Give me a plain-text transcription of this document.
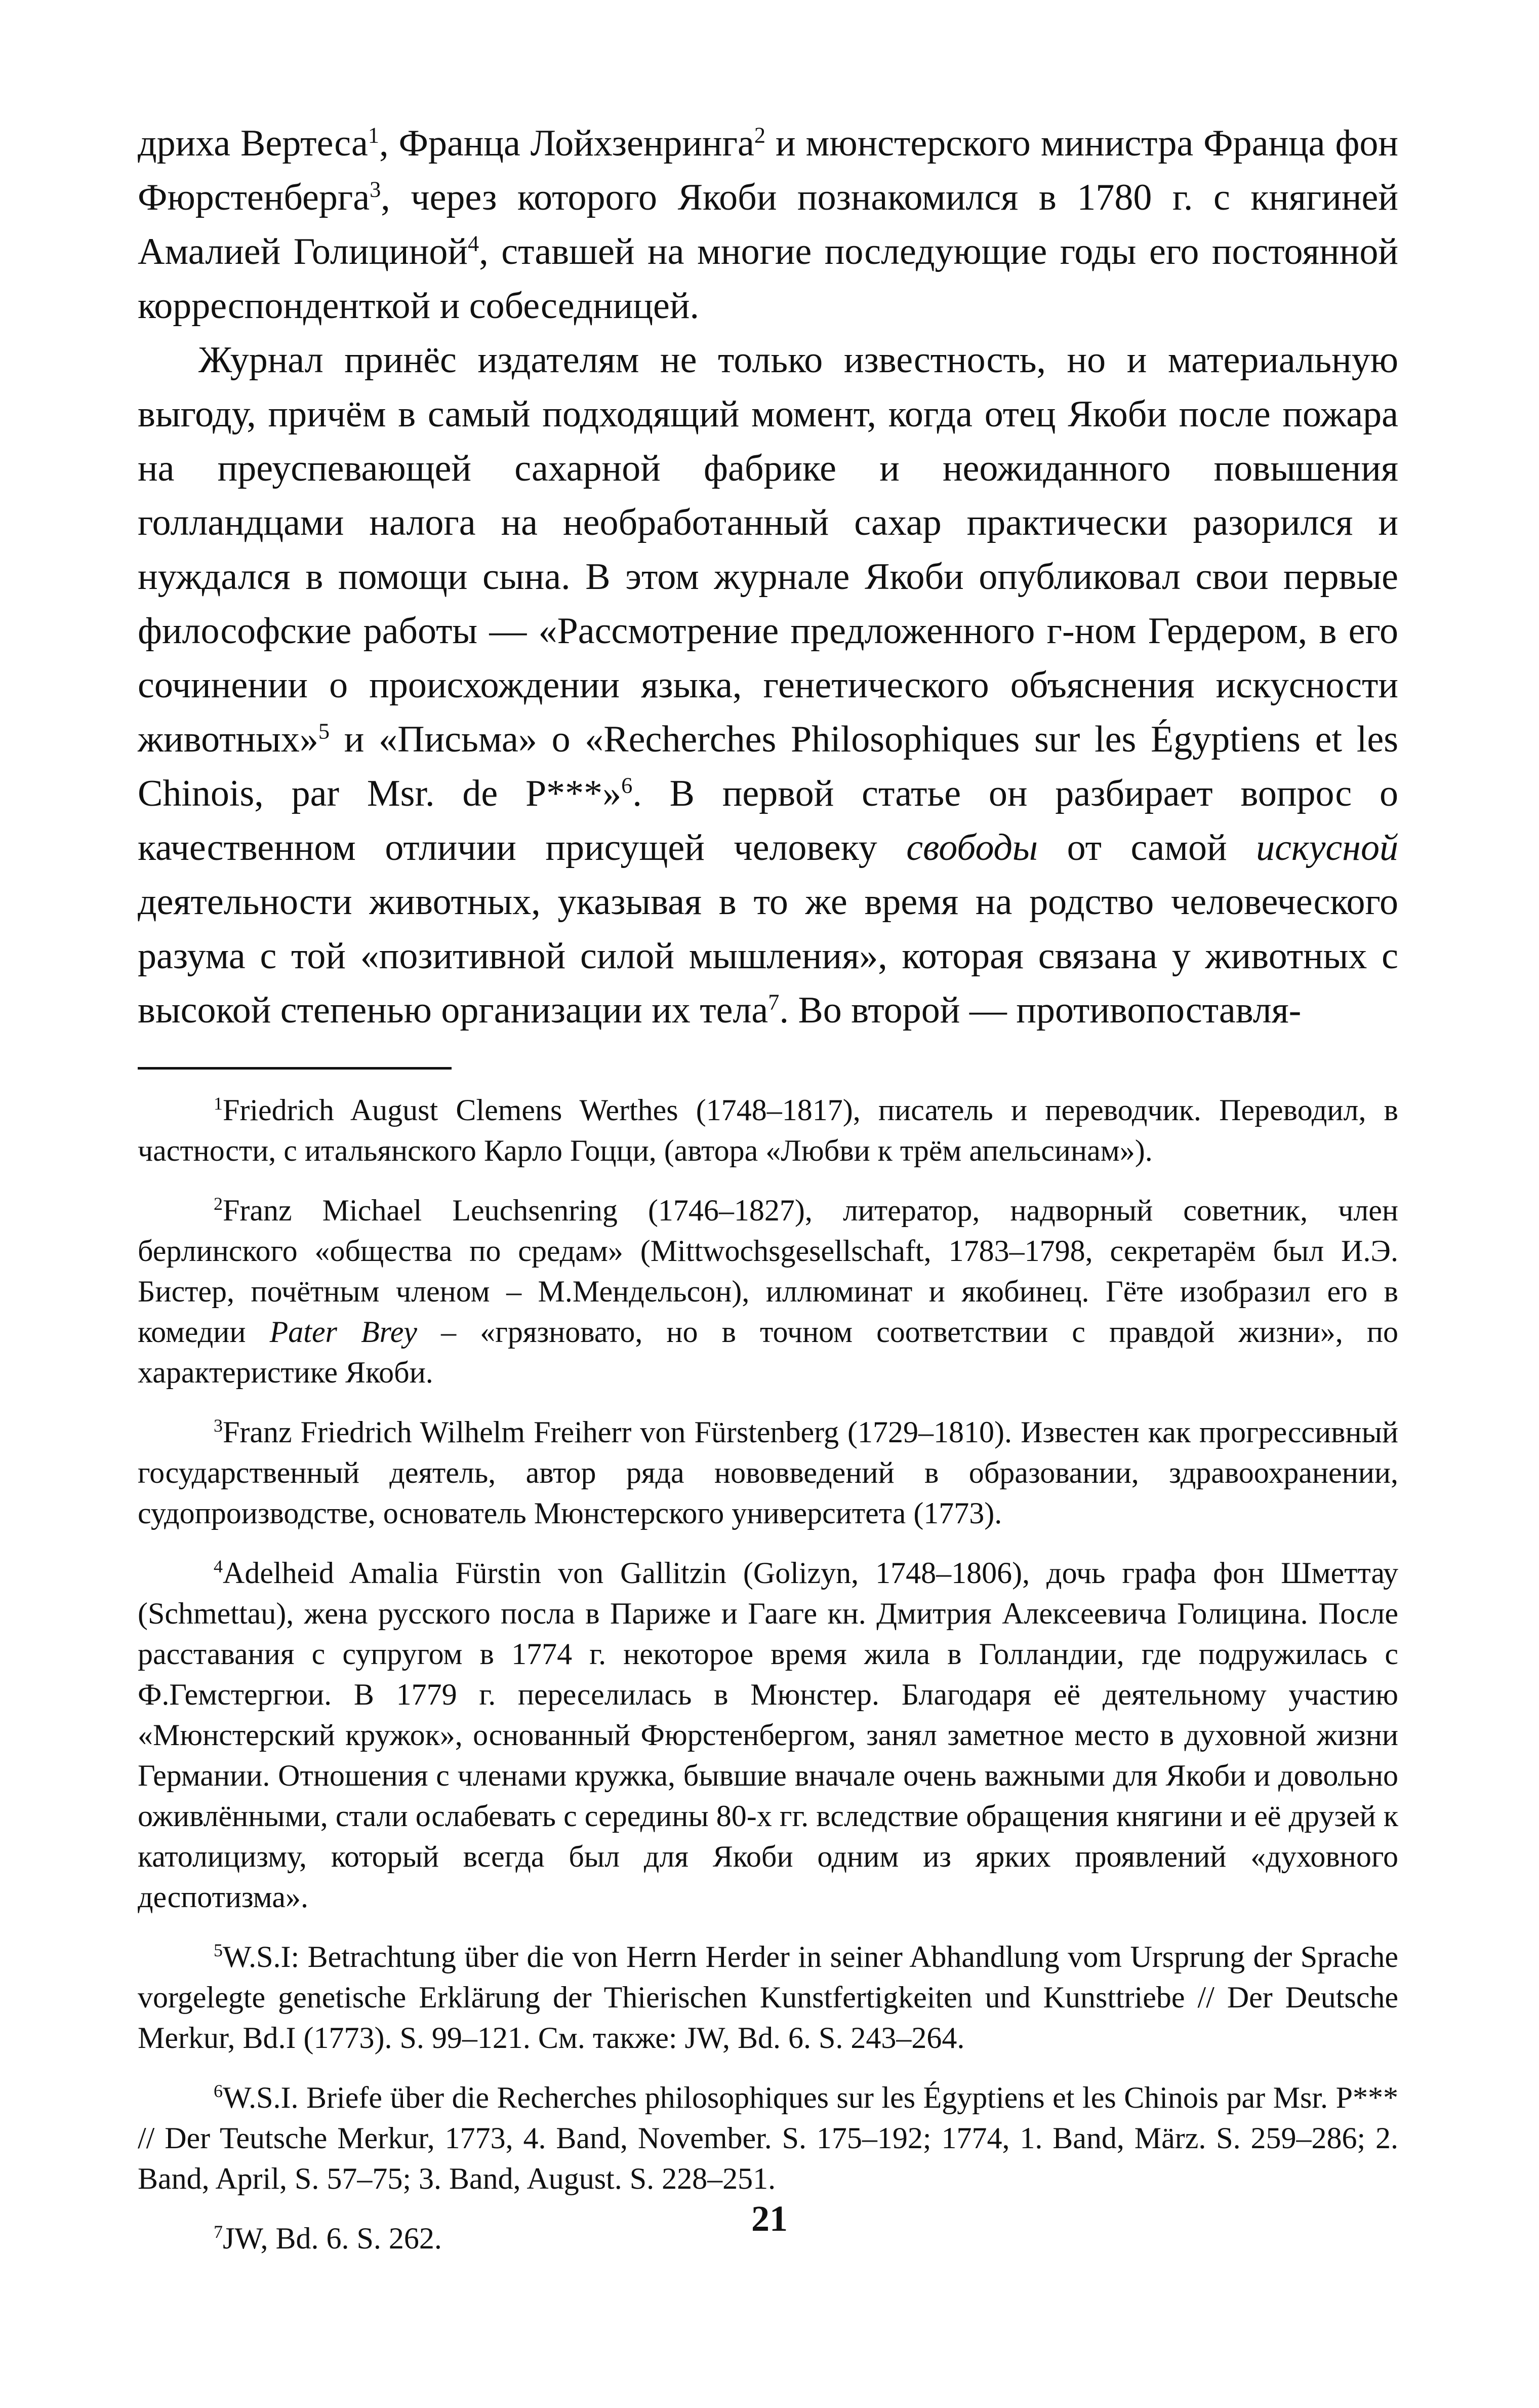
дриха Вертеса$^1$, Франца Лойхзенринга$^2$ и мюнстерского министра Франца фон Фюрстенберга$^3$, через которого Якоби познакомился в 1780 г. с княгиней Амалией Голициной$^4$, ставшей на многие последующие годы его постоянной корреспонденткой и собеседницей.

Журнал принёс издателям не только известность, но и материальную выгоду, причём в самый подходящий момент, когда отец Якоби после пожара на преуспевающей сахарной фабрике и неожиданного повышения голландцами налога на необработанный сахар практически разорился и нуждался в помощи сына. В этом журнале Якоби опубликовал свои первые философские работы — «Рассмотрение предложенного г-ном Гердером, в его сочинении о происхождении языка, генетического объяснения искусности животных»$^5$ и «Письма» о «Recherches Philosophiques sur les Égyptiens et les Chinois, par Msr. de P***»$^6$. В первой статье он разбирает вопрос о качественном отличии присущей человеку свободы от самой искусной деятельности животных, указывая в то же время на родство человеческого разума с той «позитивной силой мышления», которая связана у животных с высокой степенью организации их тела$^7$. Во второй — противопоставля-

$^1$Friedrich August Clemens Werthes (1748–1817), писатель и переводчик. Переводил, в частности, с итальянского Карло Гоцци, (автора «Любви к трём апельсинам»).

$^2$Franz Michael Leuchsenring (1746–1827), литератор, надворный советник, член берлинского «общества по средам» (Mittwochsgesellschaft, 1783–1798, секретарём был И.Э. Бистер, почётным членом – М.Мендельсон), иллюминат и якобинец. Гёте изобразил его в комедии Pater Brey – «грязновато, но в точном соответствии с правдой жизни», по характеристике Якоби.

$^3$Franz Friedrich Wilhelm Freiherr von Fürstenberg (1729–1810). Известен как прогрессивный государственный деятель, автор ряда нововведений в образовании, здравоохранении, судопроизводстве, основатель Мюнстерского университета (1773).

$^4$Adelheid Amalia Fürstin von Gallitzin (Golizyn, 1748–1806), дочь графа фон Шметтау (Schmettau), жена русского посла в Париже и Гааге кн. Дмитрия Алексеевича Голицина. После расставания с супругом в 1774 г. некоторое время жила в Голландии, где подружилась с Ф.Гемстергюи. В 1779 г. переселилась в Мюнстер. Благодаря её деятельному участию «Мюнстерский кружок», основанный Фюрстенбергом, занял заметное место в духовной жизни Германии. Отношения с членами кружка, бывшие вначале очень важными для Якоби и довольно оживлёнными, стали ослабевать с середины 80-х гг. вследствие обращения княгини и её друзей к католицизму, который всегда был для Якоби одним из ярких проявлений «духовного деспотизма».

$^5$W.S.I: Betrachtung über die von Herrn Herder in seiner Abhandlung vom Ursprung der Sprache vorgelegte genetische Erklärung der Thierischen Kunstfertigkeiten und Kunsttriebe // Der Deutsche Merkur, Bd.I (1773). S. 99–121. См. также: JW, Bd. 6. S. 243–264.

$^6$W.S.I. Briefe über die Recherches philosophiques sur les Égyptiens et les Chinois par Msr. P*** // Der Teutsche Merkur, 1773, 4. Band, November. S. 175–192; 1774, 1. Band, März. S. 259–286; 2. Band, April, S. 57–75; 3. Band, August. S. 228–251.

$^7$JW, Bd. 6. S. 262.	21
